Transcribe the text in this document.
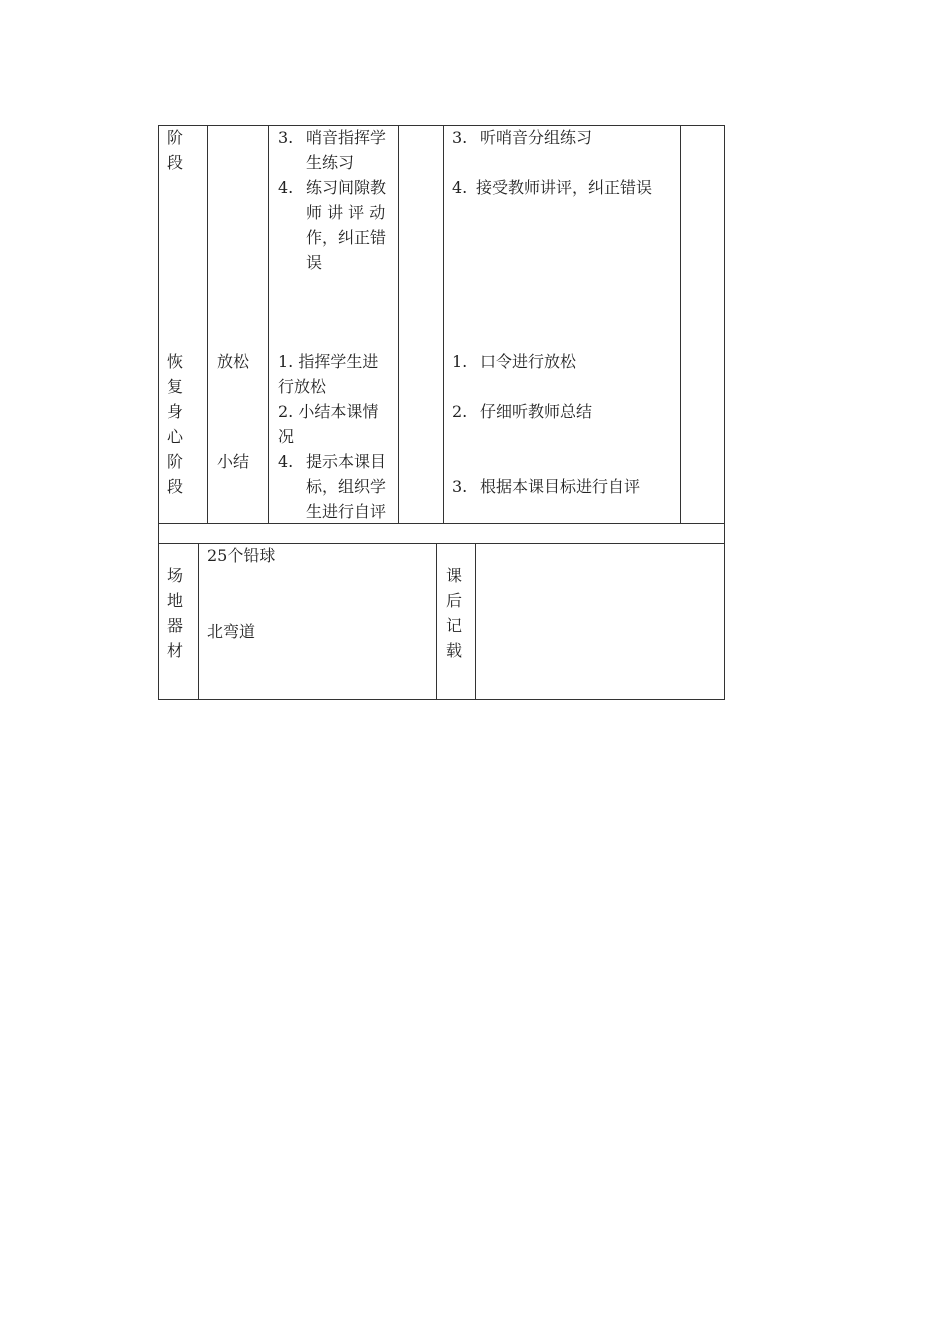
阶
段
3. 哨音指挥学
生练习
4. 练习间隙教
师 讲 评 动
作，纠正错
误
3. 听哨音分组练习
4. 接受教师讲评，纠正错误
恢
复
身
心
阶
段
放松
小结
1. 指挥学生进
行放松
2. 小结本课情
况
4. 提示本课目
标，组织学
生进行自评
1. 口令进行放松
2. 仔细听教师总结
3. 根据本课目标进行自评
场
地
器
材
25个铅球
北弯道
课
后
记
载
